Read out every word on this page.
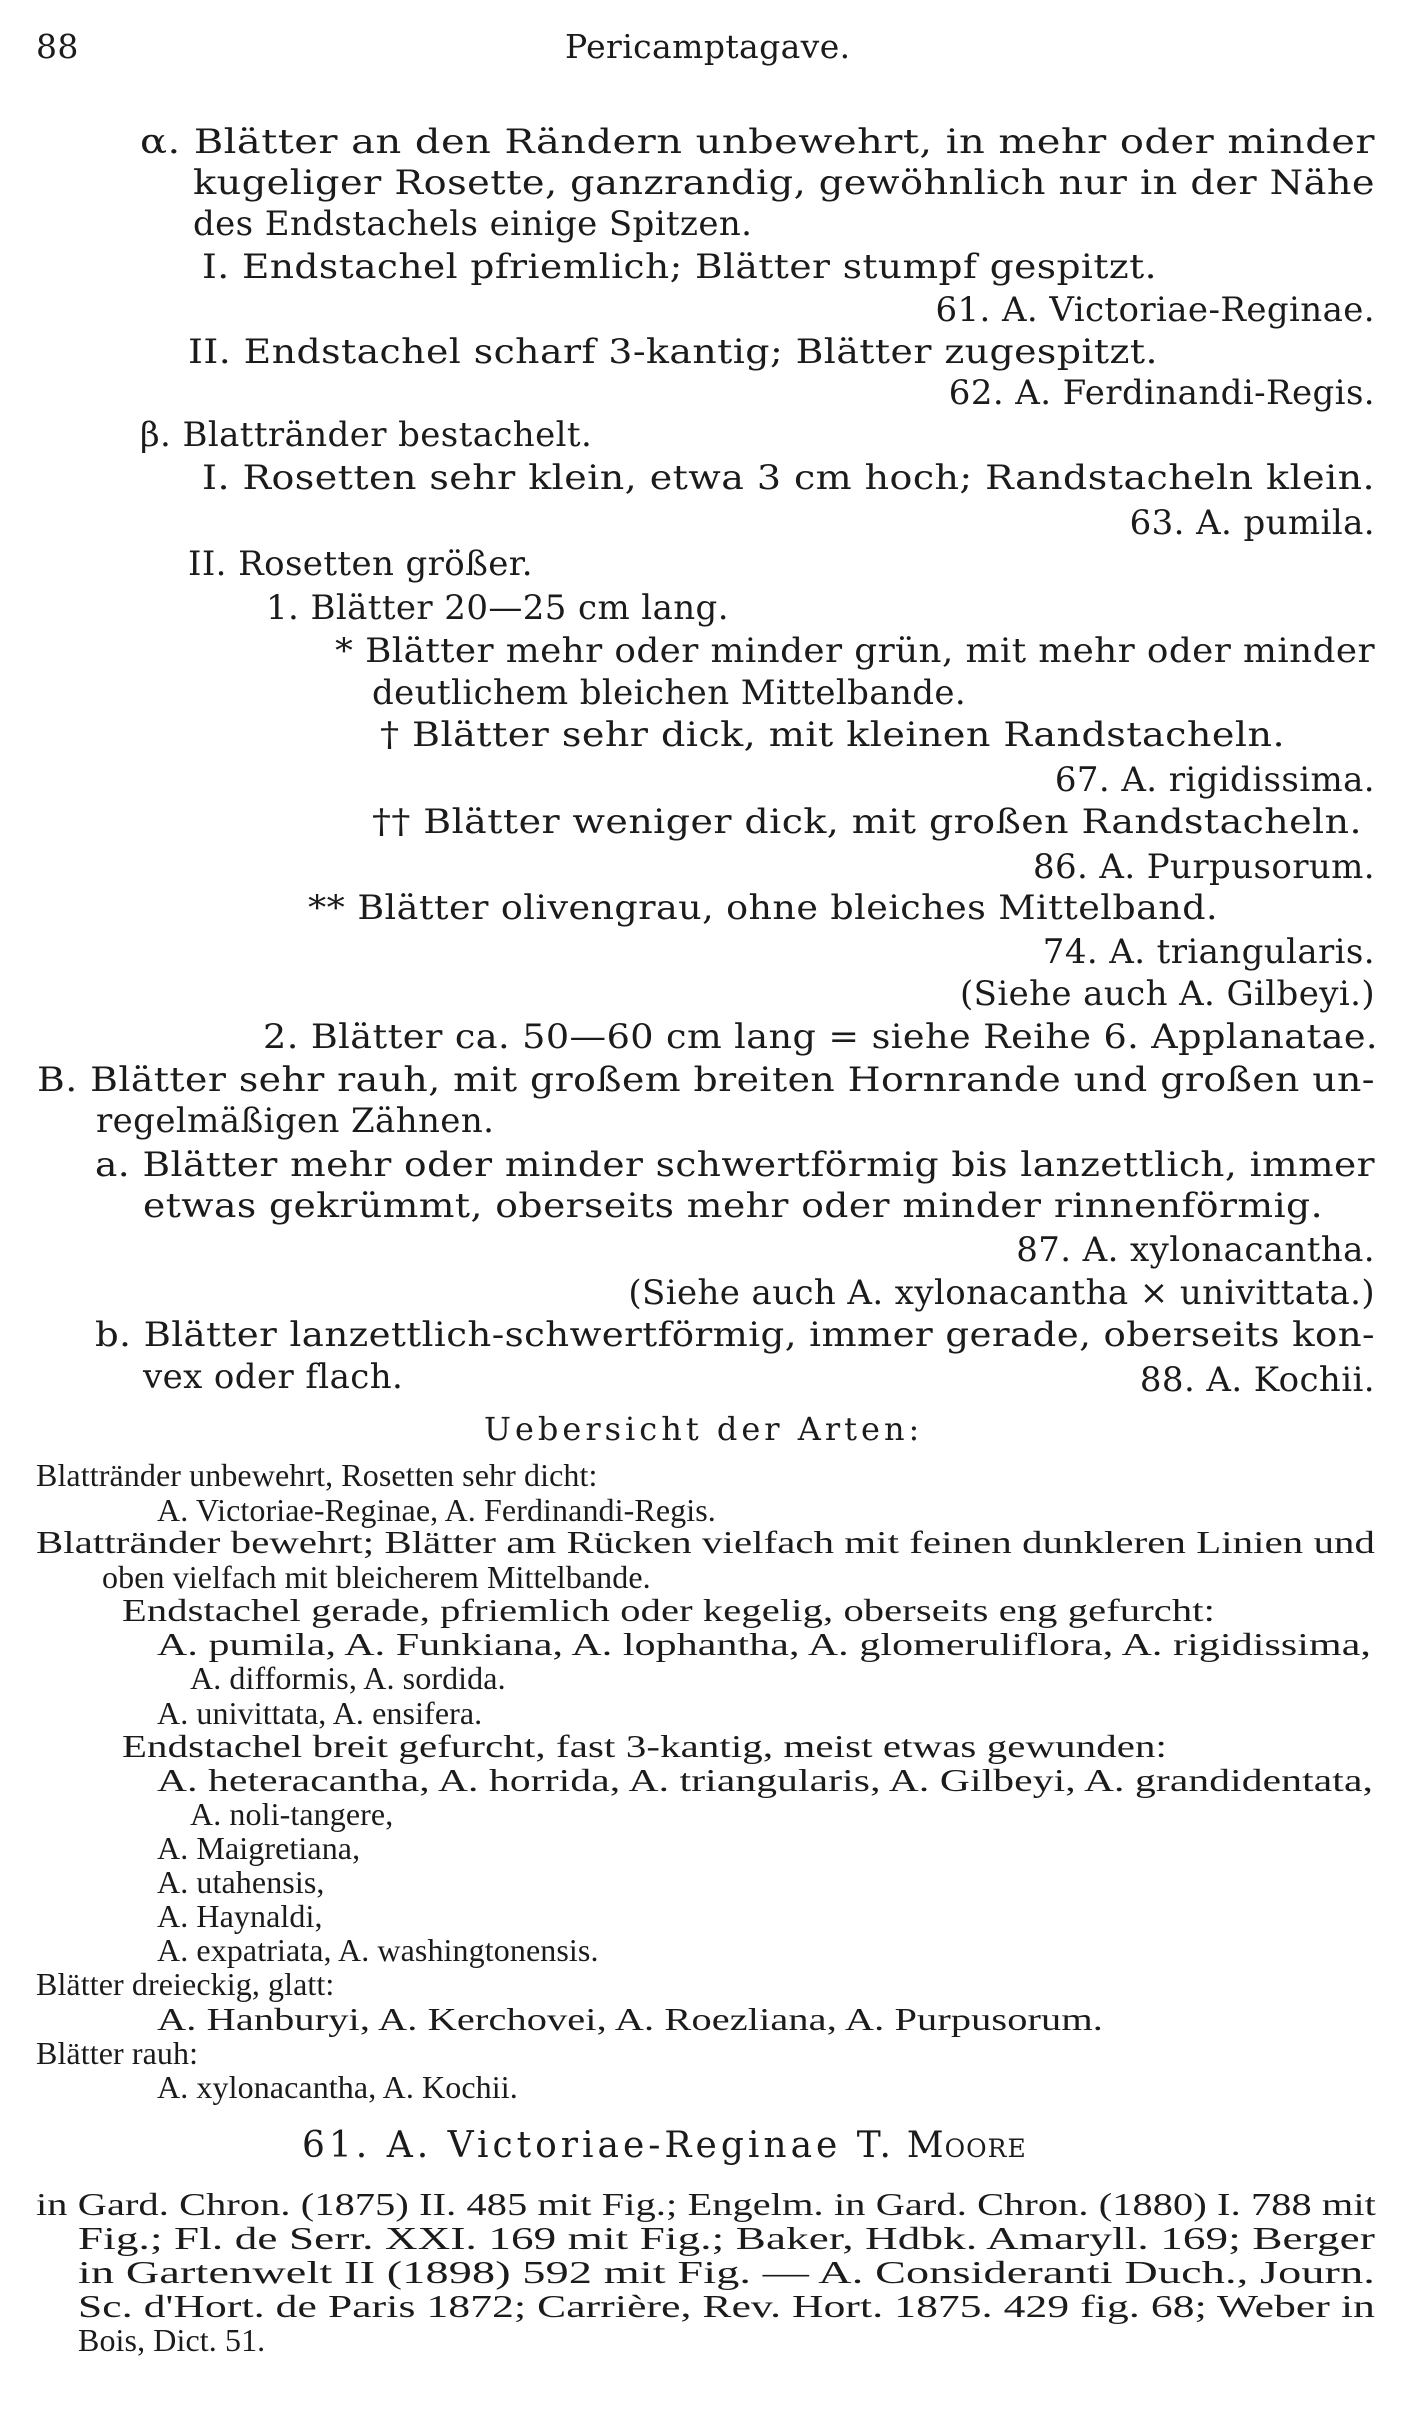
88	Pericamptagave.
α. Blätter an den Rändern unbewehrt, in mehr oder minder
kugeliger Rosette, ganzrandig, gewöhnlich nur in der Nähe
des Endstachels einige Spitzen.
I. Endstachel pfriemlich; Blätter stumpf gespitzt.
61. A. Victoriae-Reginae.
II. Endstachel scharf 3-kantig; Blätter zugespitzt.
62. A. Ferdinandi-Regis.
β. Blattränder bestachelt.
I. Rosetten sehr klein, etwa 3 cm hoch; Randstacheln klein.
63. A. pumila.
II. Rosetten größer.
1. Blätter 20—25 cm lang.
* Blätter mehr oder minder grün, mit mehr oder minder
deutlichem bleichen Mittelbande.
† Blätter sehr dick, mit kleinen Randstacheln.
67. A. rigidissima.
†† Blätter weniger dick, mit großen Randstacheln.
86. A. Purpusorum.
** Blätter olivengrau, ohne bleiches Mittelband.
74. A. triangularis.
(Siehe auch A. Gilbeyi.)
2. Blätter ca. 50—60 cm lang = siehe Reihe 6. Applanatae.
B. Blätter sehr rauh, mit großem breiten Hornrande und großen un-
regelmäßigen Zähnen.
a. Blätter mehr oder minder schwertförmig bis lanzettlich, immer
etwas gekrümmt, oberseits mehr oder minder rinnenförmig.
87. A. xylonacantha.
(Siehe auch A. xylonacantha × univittata.)
b. Blätter lanzettlich-schwertförmig, immer gerade, oberseits kon-
vex oder flach.	88. A. Kochii.
Uebersicht der Arten:
Blattränder unbewehrt, Rosetten sehr dicht:
A. Victoriae-Reginae, A. Ferdinandi-Regis.
Blattränder bewehrt; Blätter am Rücken vielfach mit feinen dunkleren Linien und
oben vielfach mit bleicherem Mittelbande.
Endstachel gerade, pfriemlich oder kegelig, oberseits eng gefurcht:
A. pumila, A. Funkiana, A. lophantha, A. glomeruliflora, A. rigidissima,
A. difformis, A. sordida.
A. univittata, A. ensifera.
Endstachel breit gefurcht, fast 3-kantig, meist etwas gewunden:
A. heteracantha, A. horrida, A. triangularis, A. Gilbeyi, A. grandidentata,
A. noli-tangere,
A. Maigretiana,
A. utahensis,
A. Haynaldi,
A. expatriata, A. washingtonensis.
Blätter dreieckig, glatt:
A. Hanburyi, A. Kerchovei, A. Roezliana, A. Purpusorum.
Blätter rauh:
A. xylonacantha, A. Kochii.
61. A. Victoriae-Reginae T. Moore
in Gard. Chron. (1875) II. 485 mit Fig.; Engelm. in Gard. Chron. (1880) I. 788 mit
Fig.; Fl. de Serr. XXI. 169 mit Fig.; Baker, Hdbk. Amaryll. 169; Berger
in Gartenwelt II (1898) 592 mit Fig. — A. Consideranti Duch., Journ.
Sc. d'Hort. de Paris 1872; Carrière, Rev. Hort. 1875. 429 fig. 68; Weber in
Bois, Dict. 51.
